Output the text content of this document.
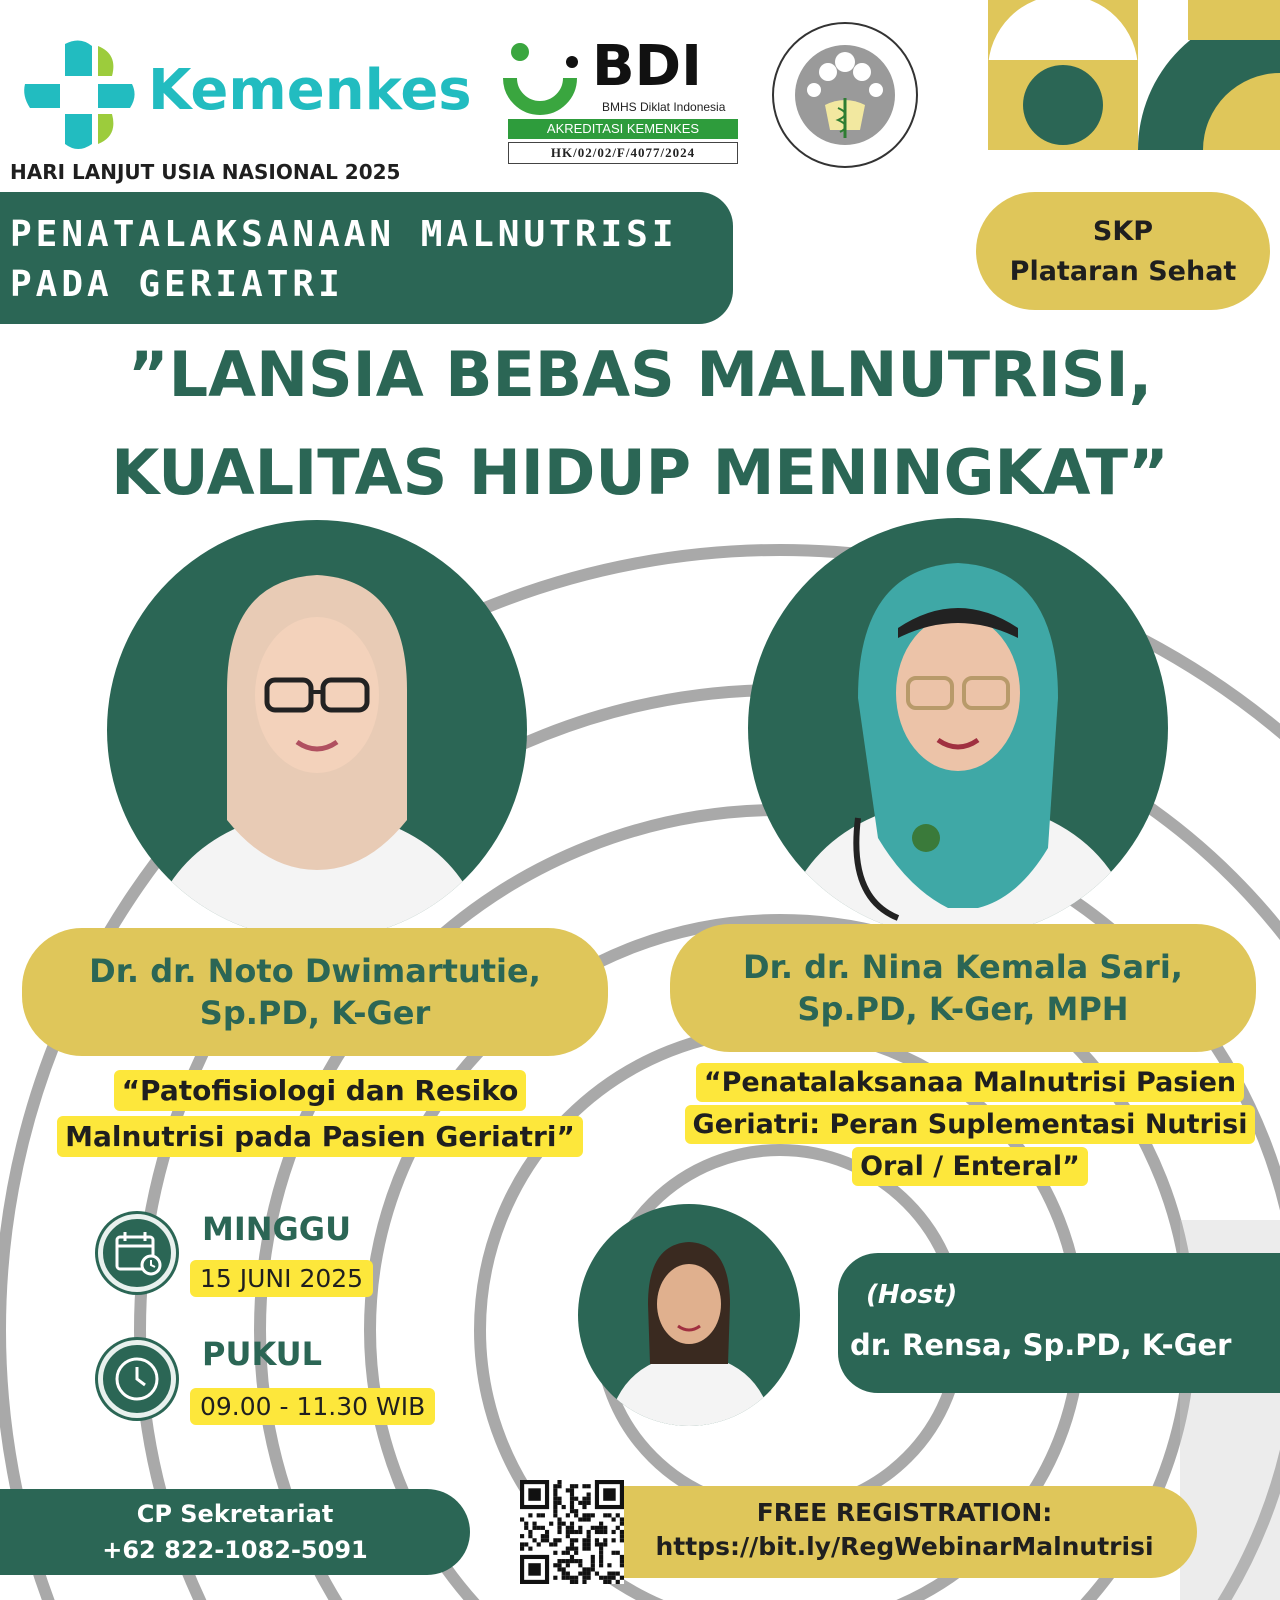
Kemenkes
HARI LANJUT USIA NASIONAL 2025
BDI
BMHS Diklat Indonesia
AKREDITASI KEMENKES
HK/02/02/F/4077/2024
PENATALAKSANAAN MALNUTRISI
PADA GERIATRI
SKP
Plataran Sehat
”LANSIA BEBAS MALNUTRISI,
KUALITAS HIDUP MENINGKAT”
Dr. dr. Noto Dwimartutie,
Sp.PD, K-Ger
Dr. dr. Nina Kemala Sari,
Sp.PD, K-Ger, MPH
“Patofisiologi dan Resiko
Malnutrisi pada Pasien Geriatri”
“Penatalaksanaa Malnutrisi Pasien
Geriatri: Peran Suplementasi Nutrisi
Oral / Enteral”
MINGGU
15 JUNI 2025
PUKUL
09.00 - 11.30 WIB
(Host)
dr. Rensa, Sp.PD, K-Ger
CP Sekretariat
+62 822-1082-5091
FREE REGISTRATION:
https://bit.ly/RegWebinarMalnutrisi
